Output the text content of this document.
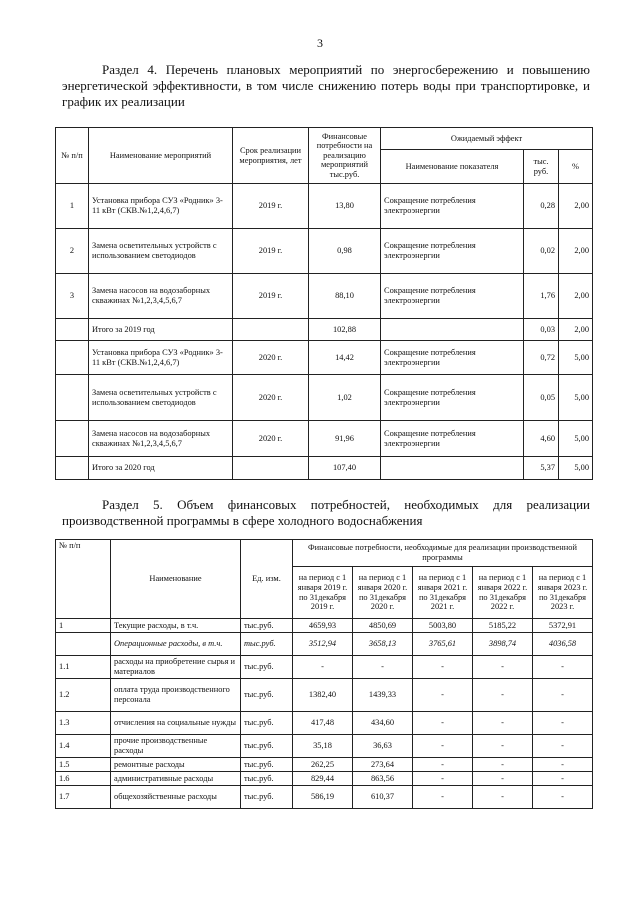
3
Раздел 4. Перечень плановых мероприятий по энергосбережению и повышению энергетической эффективности, в том числе снижению потерь воды при транспортировке, и график их реализации
№ п/п	Наименование мероприятий	Срок реализации мероприятия, лет	Финансовые потребности на реализацию мероприятий тыс.руб.	Ожидаемый эффект		
				Наименование показателя	тыс. руб.	%
1	Установка прибора СУЗ «Родник» 3-11 кВт (СКВ.№1,2,4,6,7)	2019 г.	13,80	Сокращение потребления электроэнергии	0,28	2,00
2	Замена осветительных устройств с использованием светодиодов	2019 г.	0,98	Сокращение потребления электроэнергии	0,02	2,00
3	Замена насосов на водозаборных скважинах №1,2,3,4,5,6,7	2019 г.	88,10	Сокращение потребления электроэнергии	1,76	2,00
	Итого за 2019 год		102,88		0,03	2,00
	Установка прибора СУЗ «Родник» 3-11 кВт (СКВ.№1,2,4,6,7)	2020 г.	14,42	Сокращение потребления электроэнергии	0,72	5,00
	Замена осветительных устройств с использованием светодиодов	2020 г.	1,02	Сокращение потребления электроэнергии	0,05	5,00
	Замена насосов на водозаборных скважинах №1,2,3,4,5,6,7	2020 г.	91,96	Сокращение потребления электроэнергии	4,60	5,00
	Итого за 2020 год		107,40		5,37	5,00
Раздел 5. Объем финансовых потребностей, необходимых для реализации производственной программы в сфере холодного водоснабжения
№ п/п	Наименование	Ед. изм.	Финансовые потребности, необходимые для реализации производственной программы				
			на период с 1 января 2019 г. по 31декабря 2019 г.	на период с 1 января 2020 г. по 31декабря 2020 г.	на период с 1 января 2021 г. по 31декабря 2021 г.	на период с 1 января 2022 г. по 31декабря 2022 г.	на период с 1 января 2023 г. по 31декабря 2023 г.
1	Текущие расходы, в т.ч.	тыс.руб.	4659,93	4850,69	5003,80	5185,22	5372,91
	Операционные расходы, в т.ч.	тыс.руб.	3512,94	3658,13	3765,61	3898,74	4036,58
1.1	расходы на приобретение сырья и материалов	тыс.руб.	-	-	-	-	-
1.2	оплата труда производственного персонала	тыс.руб.	1382,40	1439,33	-	-	-
1.3	отчисления на социальные нужды	тыс.руб.	417,48	434,60	-	-	-
1.4	прочие производственные расходы	тыс.руб.	35,18	36,63	-	-	-
1.5	ремонтные расходы	тыс.руб.	262,25	273,64	-	-	-
1.6	административные расходы	тыс.руб.	829,44	863,56	-	-	-
1.7	общехозяйственные расходы	тыс.руб.	586,19	610,37	-	-	-
